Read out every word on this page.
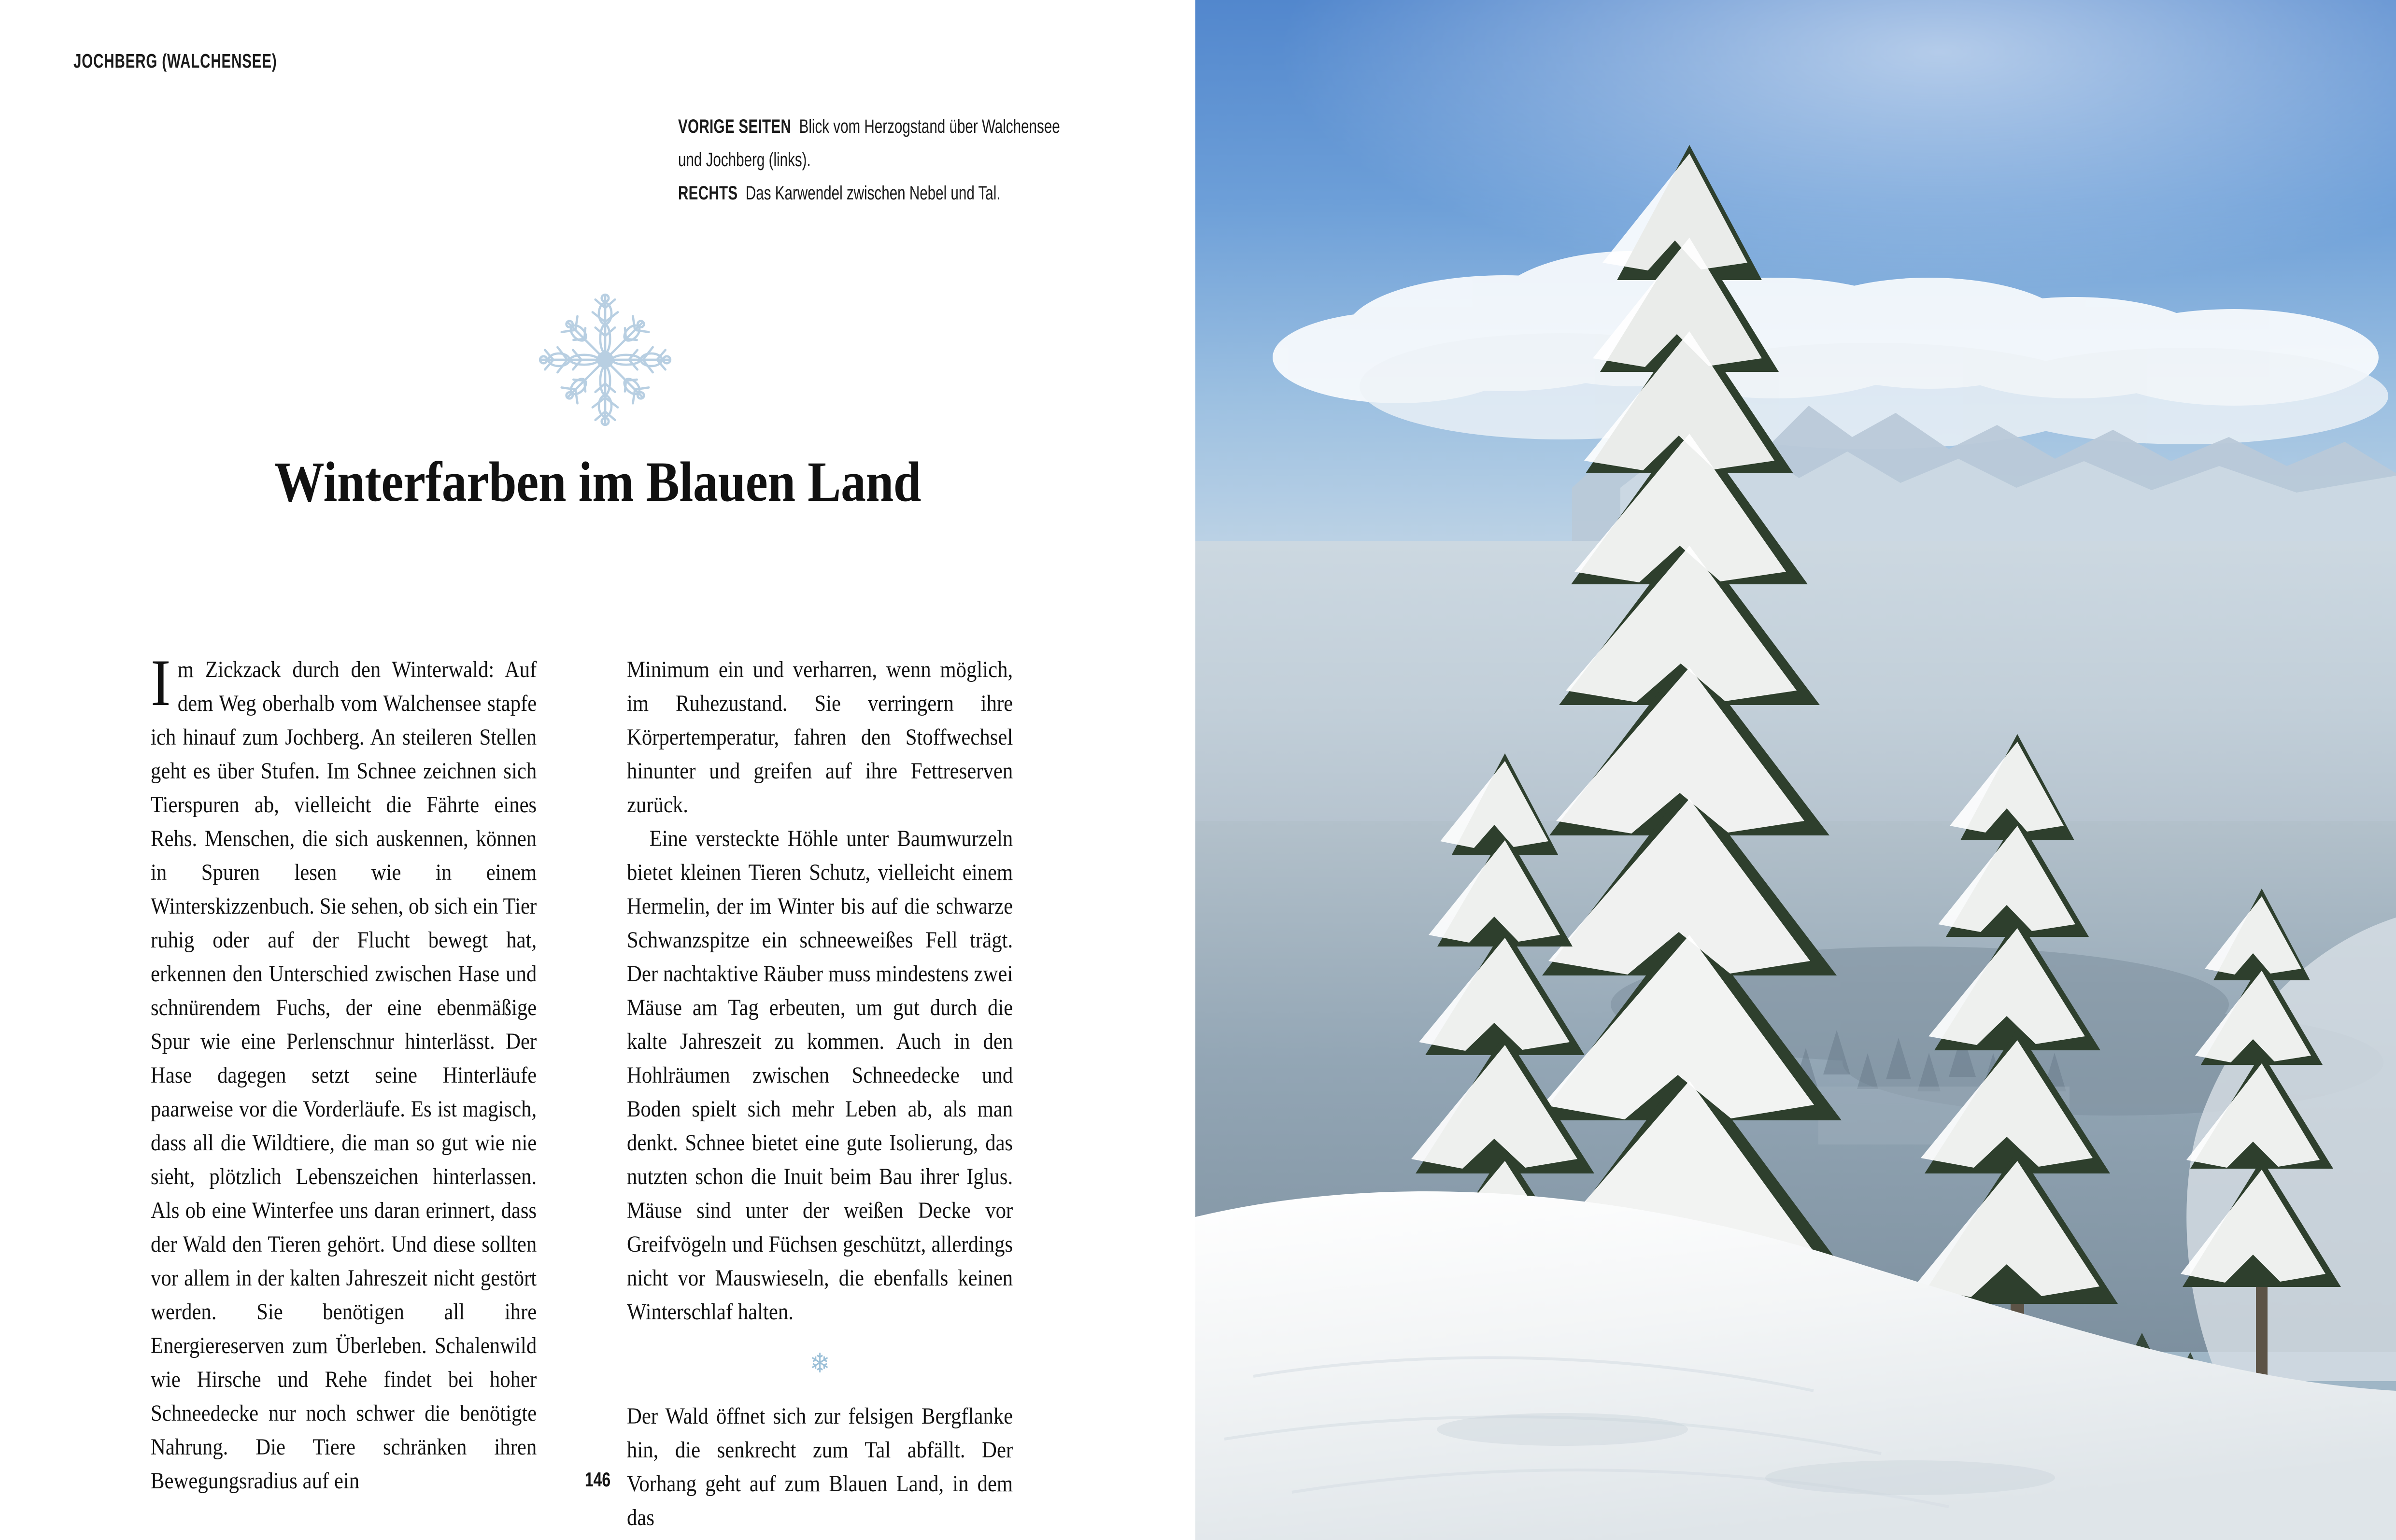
JOCHBERG (WALCHENSEE)
VORIGE SEITEN Blick vom Herzogstand über Walchensee
und Jochberg (links).
RECHTS Das Karwendel zwischen Nebel und Tal.
Winterfarben im Blauen Land

Im Zickzack durch den Winterwald: Auf dem Weg oberhalb vom Walchensee stapfe ich hinauf zum Jochberg. An steileren Stellen geht es über Stufen. Im Schnee zeichnen sich Tierspuren ab, vielleicht die Fährte eines Rehs. Menschen, die sich auskennen, können in Spuren lesen wie in einem Winterskizzenbuch. Sie sehen, ob sich ein Tier ruhig oder auf der Flucht bewegt hat, erkennen den Unterschied zwischen Hase und schnürendem Fuchs, der eine ebenmäßige Spur wie eine Perlenschnur hinterlässt. Der Hase dagegen setzt seine Hinterläufe paarweise vor die Vorderläufe. Es ist magisch, dass all die Wildtiere, die man so gut wie nie sieht, plötzlich Lebenszeichen hinterlassen. Als ob eine Winterfee uns daran erinnert, dass der Wald den Tieren gehört. Und diese sollten vor allem in der kalten Jahreszeit nicht gestört werden. Sie benötigen all ihre Energiereserven zum Überleben. Schalenwild wie Hirsche und Rehe findet bei hoher Schneedecke nur noch schwer die benötigte Nahrung. Die Tiere schränken ihren Bewegungsradius auf ein

Minimum ein und verharren, wenn möglich, im Ruhezustand. Sie verringern ihre Körpertemperatur, fahren den Stoffwechsel hinunter und greifen auf ihre Fettreserven zurück.

Eine versteckte Höhle unter Baumwurzeln bietet kleinen Tieren Schutz, vielleicht einem Hermelin, der im Winter bis auf die schwarze Schwanzspitze ein schneeweißes Fell trägt. Der nachtaktive Räuber muss mindestens zwei Mäuse am Tag erbeuten, um gut durch die kalte Jahreszeit zu kommen. Auch in den Hohlräumen zwischen Schneedecke und Boden spielt sich mehr Leben ab, als man denkt. Schnee bietet eine gute Isolierung, das nutzten schon die Inuit beim Bau ihrer Iglus. Mäuse sind unter der weißen Decke vor Greifvögeln und Füchsen geschützt, allerdings nicht vor Mauswieseln, die ebenfalls keinen Winterschlaf halten.

❄

Der Wald öffnet sich zur felsigen Bergflanke hin, die senkrecht zum Tal abfällt. Der Vorhang geht auf zum Blauen Land, in dem das

146
